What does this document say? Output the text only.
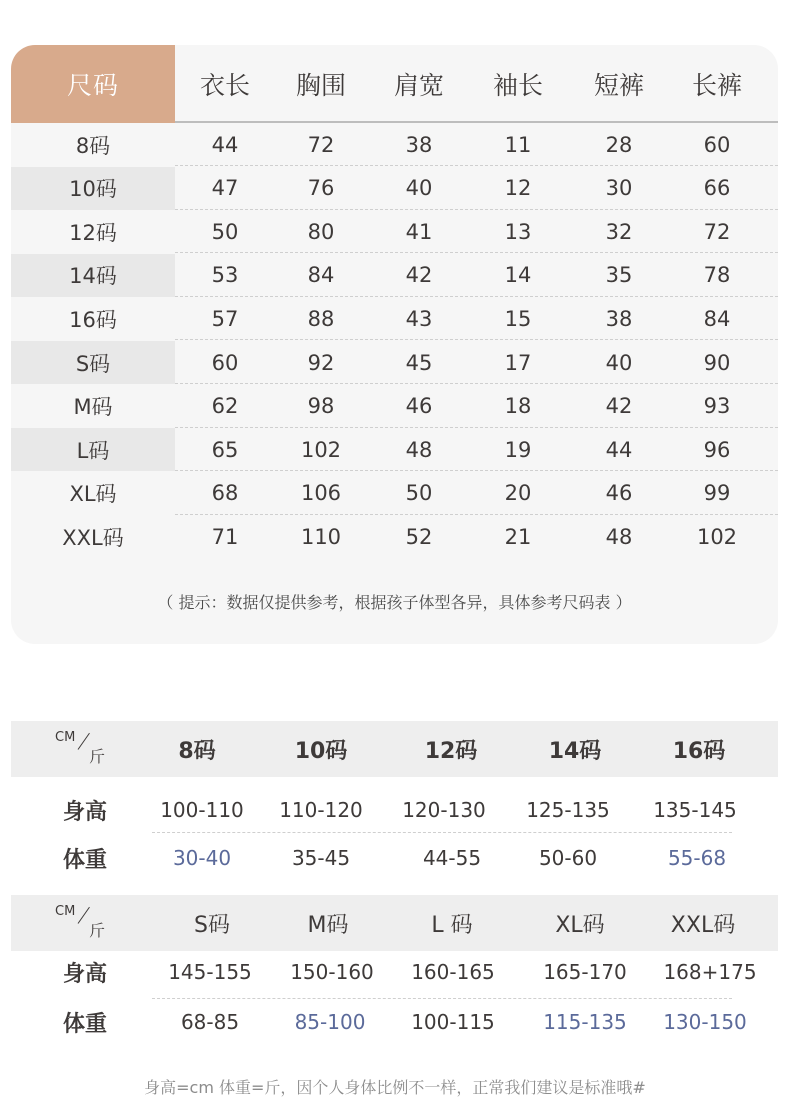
尺码	衣长	胸围	肩宽	袖长	短裤	长裤
8码	44	72	38	11	28	60
10码	47	76	40	12	30	66
12码	50	80	41	13	32	72
14码	53	84	42	14	35	78
16码	57	88	43	15	38	84
S码	60	92	45	17	40	90
M码	62	98	46	18	42	93
L码	65	102	48	19	44	96
XL码	68	106	50	20	46	99
XXL码	71	110	52	21	48	102
（ 提示：数据仅提供参考，根据孩子体型各异，具体参考尺码表 ）
CM
斤	8码	10码	12码	14码	16码
身高	100-110	110-120	120-130	125-135	135-145
体重	30-40	35-45	44-55	50-60	55-68
CM
斤	S码	M码	L 码	XL码	XXL码
身高	145-155	150-160	160-165	165-170	168+175
体重	68-85	85-100	100-115	115-135	130-150
身高=cm 体重=斤，因个人身体比例不一样，正常我们建议是标准哦#
